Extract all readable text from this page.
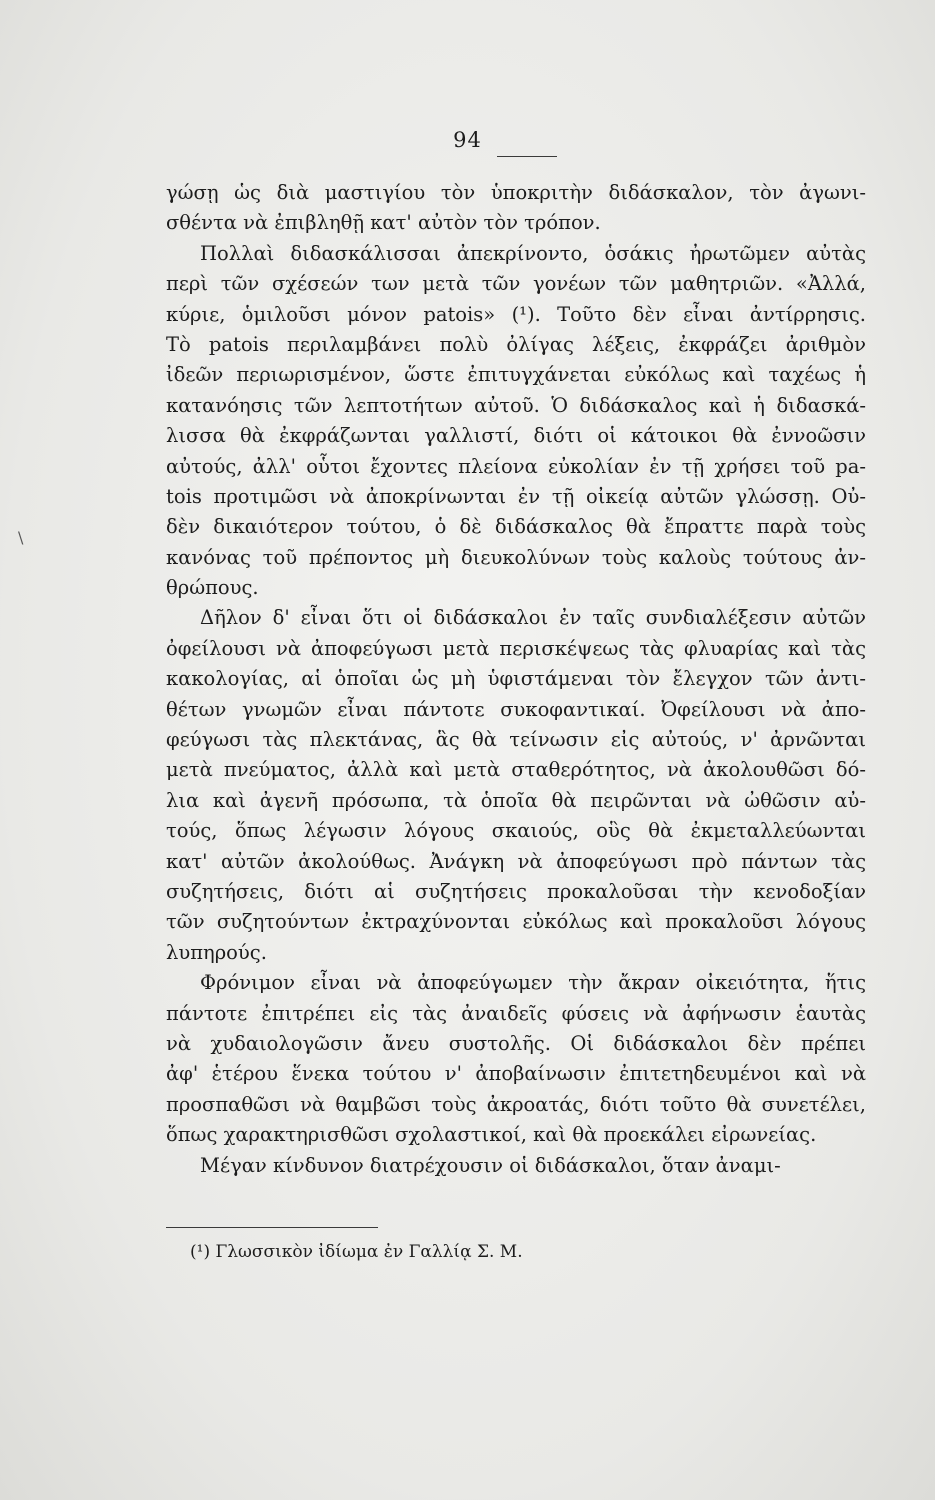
94
\
γώσῃ ὡς διὰ μαστιγίου τὸν ὑποκριτὴν διδάσκαλον, τὸν ἀγωνι-
σθέντα νὰ ἐπιβληθῇ κατ' αὐτὸν τὸν τρόπον.
Πολλαὶ διδασκάλισσαι ἀπεκρίνοντο, ὁσάκις ἠρωτῶμεν αὐτὰς
περὶ τῶν σχέσεών των μετὰ τῶν γονέων τῶν μαθητριῶν. «Ἀλλά,
κύριε, ὁμιλοῦσι μόνον patois» (¹). Τοῦτο δὲν εἶναι ἀντίρρησις.
Τὸ patois περιλαμβάνει πολὺ ὀλίγας λέξεις, ἐκφράζει ἀριθμὸν
ἰδεῶν περιωρισμένον, ὥστε ἐπιτυγχάνεται εὐκόλως καὶ ταχέως ἡ
κατανόησις τῶν λεπτοτήτων αὐτοῦ. Ὁ διδάσκαλος καὶ ἡ διδασκά-
λισσα θὰ ἐκφράζωνται γαλλιστί, διότι οἱ κάτοικοι θὰ ἐννοῶσιν
αὐτούς, ἀλλ' οὗτοι ἔχοντες πλείονα εὐκολίαν ἐν τῇ χρήσει τοῦ pa-
tois προτιμῶσι νὰ ἀποκρίνωνται ἐν τῇ οἰκείᾳ αὐτῶν γλώσσῃ. Οὐ-
δὲν δικαιότερον τούτου, ὁ δὲ διδάσκαλος θὰ ἔπραττε παρὰ τοὺς
κανόνας τοῦ πρέποντος μὴ διευκολύνων τοὺς καλοὺς τούτους ἀν-
θρώπους.
Δῆλον δ' εἶναι ὅτι οἱ διδάσκαλοι ἐν ταῖς συνδιαλέξεσιν αὐτῶν
ὀφείλουσι νὰ ἀποφεύγωσι μετὰ περισκέψεως τὰς φλυαρίας καὶ τὰς
κακολογίας, αἱ ὁποῖαι ὡς μὴ ὑφιστάμεναι τὸν ἔλεγχον τῶν ἀντι-
θέτων γνωμῶν εἶναι πάντοτε συκοφαντικαί. Ὀφείλουσι νὰ ἀπο-
φεύγωσι τὰς πλεκτάνας, ἃς θὰ τείνωσιν εἰς αὐτούς, ν' ἀρνῶνται
μετὰ πνεύματος, ἀλλὰ καὶ μετὰ σταθερότητος, νὰ ἀκολουθῶσι δό-
λια καὶ ἀγενῆ πρόσωπα, τὰ ὁποῖα θὰ πειρῶνται νὰ ὠθῶσιν αὐ-
τούς, ὅπως λέγωσιν λόγους σκαιούς, οὓς θὰ ἐκμεταλλεύωνται
κατ' αὐτῶν ἀκολούθως. Ἀνάγκη νὰ ἀποφεύγωσι πρὸ πάντων τὰς
συζητήσεις, διότι αἱ συζητήσεις προκαλοῦσαι τὴν κενοδοξίαν
τῶν συζητούντων ἐκτραχύνονται εὐκόλως καὶ προκαλοῦσι λόγους
λυπηρούς.
Φρόνιμον εἶναι νὰ ἀποφεύγωμεν τὴν ἄκραν οἰκειότητα, ἥτις
πάντοτε ἐπιτρέπει εἰς τὰς ἀναιδεῖς φύσεις νὰ ἀφήνωσιν ἑαυτὰς
νὰ χυδαιολογῶσιν ἄνευ συστολῆς. Οἱ διδάσκαλοι δὲν πρέπει
ἀφ' ἑτέρου ἕνεκα τούτου ν' ἀποβαίνωσιν ἐπιτετηδευμένοι καὶ νὰ
προσπαθῶσι νὰ θαμβῶσι τοὺς ἀκροατάς, διότι τοῦτο θὰ συνετέλει,
ὅπως χαρακτηρισθῶσι σχολαστικοί, καὶ θὰ προεκάλει εἰρωνείας.
Μέγαν κίνδυνον διατρέχουσιν οἱ διδάσκαλοι, ὅταν ἀναμι-
(¹) Γλωσσικὸν ἰδίωμα ἐν Γαλλίᾳ Σ. Μ.
